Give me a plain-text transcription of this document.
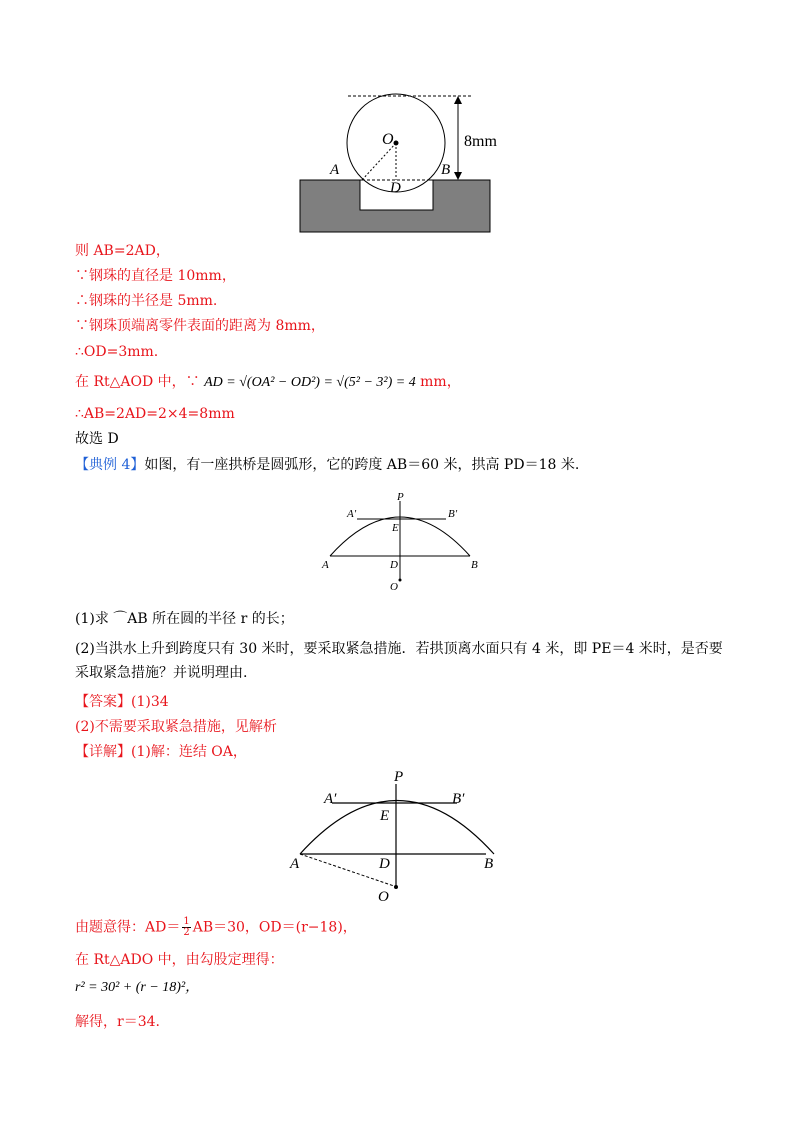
O
A	B
D
8mm
则 AB=2AD，
∵钢珠的直径是 10mm，
∴钢珠的半径是 5mm.
∵钢珠顶端离零件表面的距离为 8mm，
∴OD=3mm.
在 Rt△AOD 中，∵ AD = √(OA² − OD²) = √(5² − 3²) = 4 mm，
∴AB=2AD=2×4=8mm
故选 D
【典例 4】如图，有一座拱桥是圆弧形，它的跨度 AB＝60 米，拱高 PD＝18 米.
P
A′	B′
E
A	D	B
O
(1)求 ⌒AB 所在圆的半径 r 的长；
(2)当洪水上升到跨度只有 30 米时，要采取紧急措施．若拱顶离水面只有 4 米，即 PE＝4 米时，是否要采取紧急措施？并说明理由.
【答案】(1)34
(2)不需要采取紧急措施，见解析
【详解】(1)解：连结 OA，
P
A′	B′
E
A	D	B
O
由题意得：$AD= \frac{1}{2} AB=30$，OD＝(r−18)，
在 Rt△ADO 中，由勾股定理得：
r² = 30² + (r − 18)²，
解得，r＝34.
